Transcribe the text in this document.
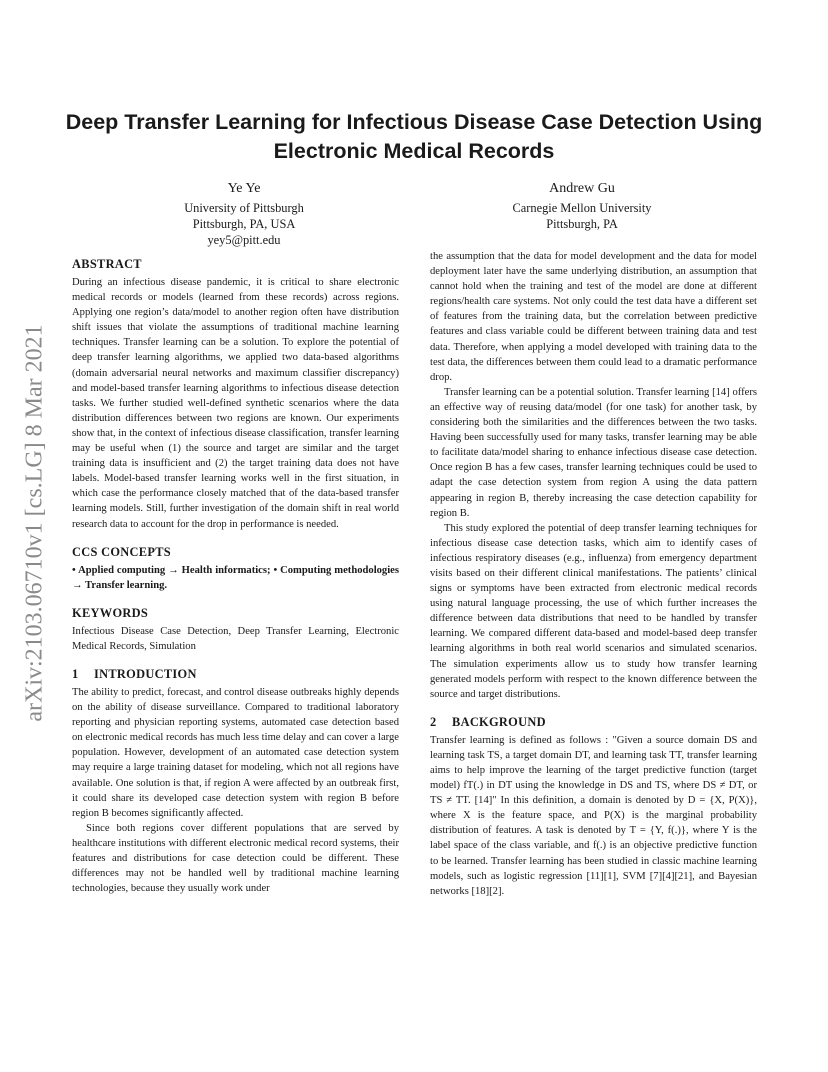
arXiv:2103.06710v1 [cs.LG] 8 Mar 2021
Deep Transfer Learning for Infectious Disease Case Detection Using Electronic Medical Records
Ye Ye
University of Pittsburgh
Pittsburgh, PA, USA
yey5@pitt.edu
Andrew Gu
Carnegie Mellon University
Pittsburgh, PA
ABSTRACT

During an infectious disease pandemic, it is critical to share electronic medical records or models (learned from these records) across regions. Applying one region’s data/model to another region often have distribution shift issues that violate the assumptions of traditional machine learning techniques. Transfer learning can be a solution. To explore the potential of deep transfer learning algorithms, we applied two data-based algorithms (domain adversarial neural networks and maximum classifier discrepancy) and model-based transfer learning algorithms to infectious disease detection tasks. We further studied well-defined synthetic scenarios where the data distribution differences between two regions are known. Our experiments show that, in the context of infectious disease classification, transfer learning may be useful when (1) the source and target are similar and the target training data is insufficient and (2) the target training data does not have labels. Model-based transfer learning works well in the first situation, in which case the performance closely matched that of the data-based transfer learning models. Still, further investigation of the domain shift in real world research data to account for the drop in performance is needed.

CCS CONCEPTS

• Applied computing → Health informatics; • Computing methodologies → Transfer learning.

KEYWORDS

Infectious Disease Case Detection, Deep Transfer Learning, Electronic Medical Records, Simulation

1 INTRODUCTION

The ability to predict, forecast, and control disease outbreaks highly depends on the ability of disease surveillance. Compared to traditional laboratory reporting and physician reporting systems, automated case detection based on electronic medical records has much less time delay and can cover a large population. However, development of an automated case detection system may require a large training dataset for modeling, which not all regions have available. One solution is that, if region A were affected by an outbreak first, it could share its developed case detection system with region B before region B becomes significantly affected.

Since both regions cover different populations that are served by healthcare institutions with different electronic medical record systems, their features and distributions for case detection could be different. These differences may not be handled well by traditional machine learning technologies, because they usually work under

the assumption that the data for model development and the data for model deployment later have the same underlying distribution, an assumption that cannot hold when the training and test of the model are done at different regions/health care systems. Not only could the test data have a different set of features from the training data, but the correlation between predictive features and class variable could be different between training data and test data. Therefore, when applying a model developed with training data to the test data, the differences between them could lead to a dramatic performance drop.

Transfer learning can be a potential solution. Transfer learning [14] offers an effective way of reusing data/model (for one task) for another task, by considering both the similarities and the differences between the two tasks. Having been successfully used for many tasks, transfer learning may be able to facilitate data/model sharing to enhance infectious disease case detection. Once region B has a few cases, transfer learning techniques could be used to adapt the case detection system from region A using the data pattern appearing in region B, thereby increasing the case detection capability for region B.

This study explored the potential of deep transfer learning techniques for infectious disease case detection tasks, which aim to identify cases of infectious respiratory diseases (e.g., influenza) from emergency department visits based on their different clinical manifestations. The patients’ clinical signs or symptoms have been extracted from electronic medical records using natural language processing, the use of which further increases the difference between data distributions that need to be handled by transfer learning. We compared different data-based and model-based deep transfer learning algorithms in both real world scenarios and simulated scenarios. The simulation experiments allow us to study how transfer learning generated models perform with respect to the known difference between the source and target distributions.

2 BACKGROUND

Transfer learning is defined as follows : "Given a source domain DS and learning task TS, a target domain DT, and learning task TT, transfer learning aims to help improve the learning of the target predictive function (target model) fT(.) in DT using the knowledge in DS and TS, where DS ≠ DT, or TS ≠ TT. [14]" In this definition, a domain is denoted by D = {X, P(X)}, where X is the feature space, and P(X) is the marginal probability distribution of features. A task is denoted by T = {Y, f(.)}, where Y is the label space of the class variable, and f(.) is an objective predictive function to be learned. Transfer learning has been studied in classic machine learning models, such as logistic regression [11][1], SVM [7][4][21], and Bayesian networks [18][2].
